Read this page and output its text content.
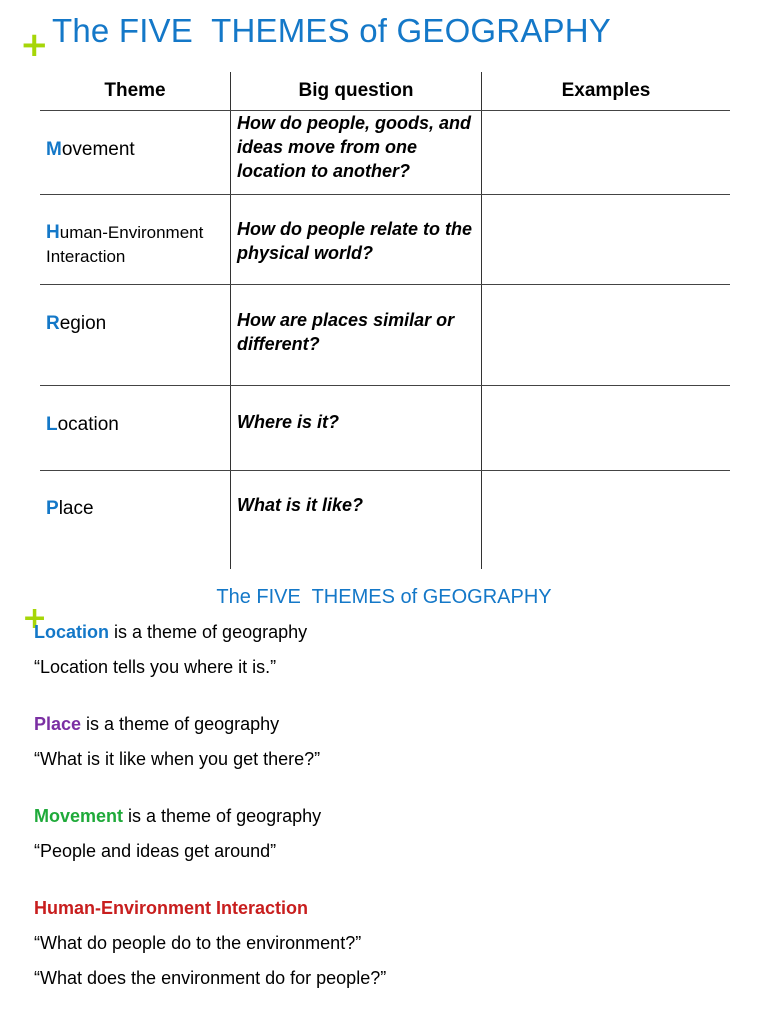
+ The FIVE  THEMES of GEOGRAPHY
Theme	Big question	Examples

Movement	How do people, goods, and ideas move from one location to another?	

Human-Environment Interaction	How do people relate to the physical world?	

Region	How are places similar or different?	

Location	Where is it?	

Place	What is it like?	

The FIVE  THEMES of GEOGRAPHY
+
Location is a theme of geography
“Location tells you where it is.”
Place is a theme of geography
“What is it like when you get there?”
Movement is a theme of geography
“People and ideas get around”
Human-Environment Interaction
“What do people do to the environment?”
“What does the environment do for people?”
